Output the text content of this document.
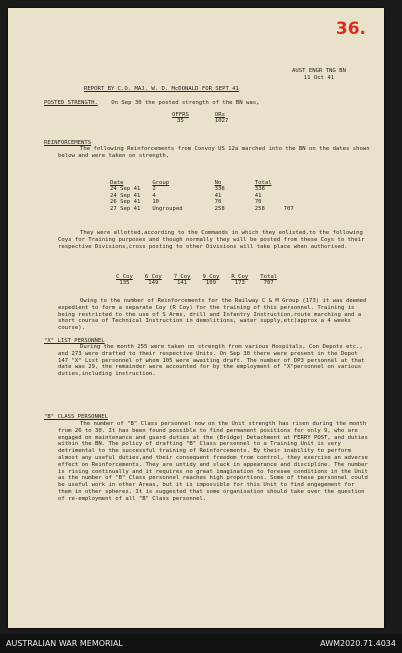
36.
AUST ENGR TNG BN
11 Oct 41
REPORT BY C.O. MAJ. W. D. McDONALD FOR SEPT 41
POSTED STRENGTH. On Sep 30 the posted strength of the BN was,
OFFRS	ORs
35	1027
REINFORCEMENTS

The following Reinforcements from Convoy US 12a marched into the BN on the dates shown below and were taken on strength,

Date	Group	No	Total	
24 Sep 41	2	338	338	
24 Sep 41	4	41	41	
26 Sep 41	10	70	70	
27 Sep 41	Ungrouped	258	258	707

They were allotted,according to the Commands in which they enlisted,to the following Coys for Training purposes and though normally they will be posted from these Coys to their respective Divisions,cross posting to other Divisions will take place when authorised.

C Coy	6 Coy	7 Coy	9 Coy	R Coy	Total
135	149	141	109	173	707

Owing to the number of Reinforcements for the Railway C & M Group (173) it was deemed expedient to form a separate Coy (R Coy) for the training of this personnel. Training is being restricted to the use of S Arms, drill and Infantry Instruction,route marching and a short course of Technical Instruction in demolitions, water supply,etc(approx a 4 weeks course).

"X" LIST PERSONNEL

During the month 255 were taken on strength from various Hospitals, Con Depots etc., and 273 were drafted to their respective Units. On Sep 30 there were present in the Depot 147 "X" List personnel of whom 105 were awaiting draft. The number of DP3 personnel at that date was 29, the remainder were accounted for by the employment of "X"personnel on various duties,including instruction.

"B" CLASS PERSONNEL

The number of "B" Class personnel now on the Unit strength has risen during the month from 26 to 30. It has been found possible to find permanent positions for only 9, who are engaged on maintenance and guard duties at the (Bridge) Detachment at FERRY POST, and duties within the BN. The policy of drafting "B" Class personnel to a Training Unit is very detrimental to the successful training of Reinforcements. By their inability to perform almost any useful duties,and their consequent freedom from control, they exercise an adverse effect on Reinforcements. They are untidy and slack in appearance and discipline. The number is rising continually and it requires no great imagination to foresee conditions in the Unit as the number of "B" Class personnel reaches high proportions. Some of these personnel could be useful work in other Areas, but it is impossible for this Unit to find engagement for them in other spheres. It is suggested that some organisation should take over the question of re-employment of all "B" Class personnel.

AUSTRALIAN WAR MEMORIAL	AWM2020.71.4034
